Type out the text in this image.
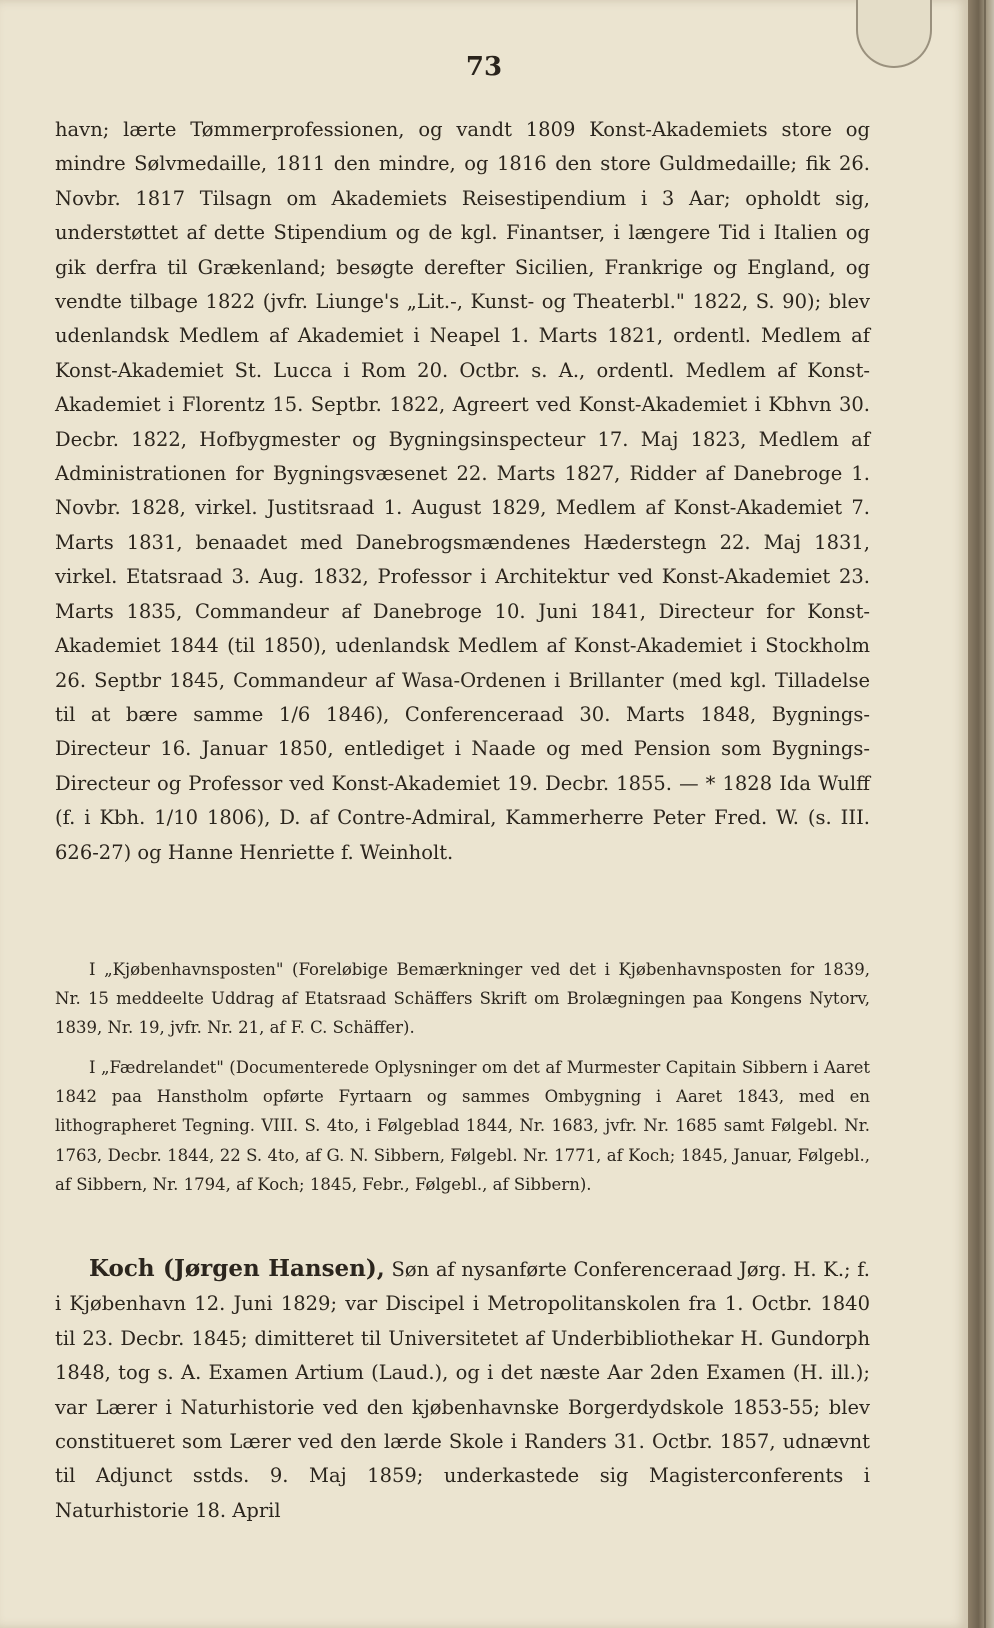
73

havn; lærte Tømmerprofessionen, og vandt 1809 Konst-Akademiets store og mindre Sølvmedaille, 1811 den mindre, og 1816 den store Guldmedaille; fik 26. Novbr. 1817 Tilsagn om Akademiets Reisestipendium i 3 Aar; opholdt sig, understøttet af dette Stipendium og de kgl. Finantser, i længere Tid i Italien og gik derfra til Grækenland; besøgte derefter Sicilien, Frankrige og England, og vendte tilbage 1822 (jvfr. Liunge's „Lit.-, Kunst- og Theaterbl." 1822, S. 90); blev udenlandsk Medlem af Akademiet i Neapel 1. Marts 1821, ordentl. Medlem af Konst-Akademiet St. Lucca i Rom 20. Octbr. s. A., ordentl. Medlem af Konst-Akademiet i Florentz 15. Septbr. 1822, Agreert ved Konst-Akademiet i Kbhvn 30. Decbr. 1822, Hofbygmester og Bygningsinspecteur 17. Maj 1823, Medlem af Administrationen for Bygningsvæsenet 22. Marts 1827, Ridder af Danebroge 1. Novbr. 1828, virkel. Justitsraad 1. August 1829, Medlem af Konst-Akademiet 7. Marts 1831, benaadet med Danebrogsmændenes Hæderstegn 22. Maj 1831, virkel. Etatsraad 3. Aug. 1832, Professor i Architektur ved Konst-Akademiet 23. Marts 1835, Commandeur af Danebroge 10. Juni 1841, Directeur for Konst-Akademiet 1844 (til 1850), udenlandsk Medlem af Konst-Akademiet i Stockholm 26. Septbr 1845, Commandeur af Wasa-Ordenen i Brillanter (med kgl. Tilladelse til at bære samme 1/6 1846), Conferenceraad 30. Marts 1848, Bygnings-Directeur 16. Januar 1850, entlediget i Naade og med Pension som Bygnings-Directeur og Professor ved Konst-Akademiet 19. Decbr. 1855. — * 1828 Ida Wulff (f. i Kbh. 1/10 1806), D. af Contre-Admiral, Kammerherre Peter Fred. W. (s. III. 626-27) og Hanne Henriette f. Weinholt.

I „Kjøbenhavnsposten" (Foreløbige Bemærkninger ved det i Kjøbenhavnsposten for 1839, Nr. 15 meddeelte Uddrag af Etatsraad Schäffers Skrift om Brolægningen paa Kongens Nytorv, 1839, Nr. 19, jvfr. Nr. 21, af F. C. Schäffer).

I „Fædrelandet" (Documenterede Oplysninger om det af Murmester Capitain Sibbern i Aaret 1842 paa Hanstholm opførte Fyrtaarn og sammes Ombygning i Aaret 1843, med en lithographeret Tegning. VIII. S. 4to, i Følgeblad 1844, Nr. 1683, jvfr. Nr. 1685 samt Følgebl. Nr. 1763, Decbr. 1844, 22 S. 4to, af G. N. Sibbern, Følgebl. Nr. 1771, af Koch; 1845, Januar, Følgebl., af Sibbern, Nr. 1794, af Koch; 1845, Febr., Følgebl., af Sibbern).

Koch (Jørgen Hansen), Søn af nysanførte Conferenceraad Jørg. H. K.; f. i Kjøbenhavn 12. Juni 1829; var Discipel i Metropolitanskolen fra 1. Octbr. 1840 til 23. Decbr. 1845; dimitteret til Universitetet af Underbibliothekar H. Gundorph 1848, tog s. A. Examen Artium (Laud.), og i det næste Aar 2den Examen (H. ill.); var Lærer i Naturhistorie ved den kjøbenhavnske Borgerdydskole 1853-55; blev constitueret som Lærer ved den lærde Skole i Randers 31. Octbr. 1857, udnævnt til Adjunct sstds. 9. Maj 1859; underkastede sig Magisterconferents i Naturhistorie 18. April
